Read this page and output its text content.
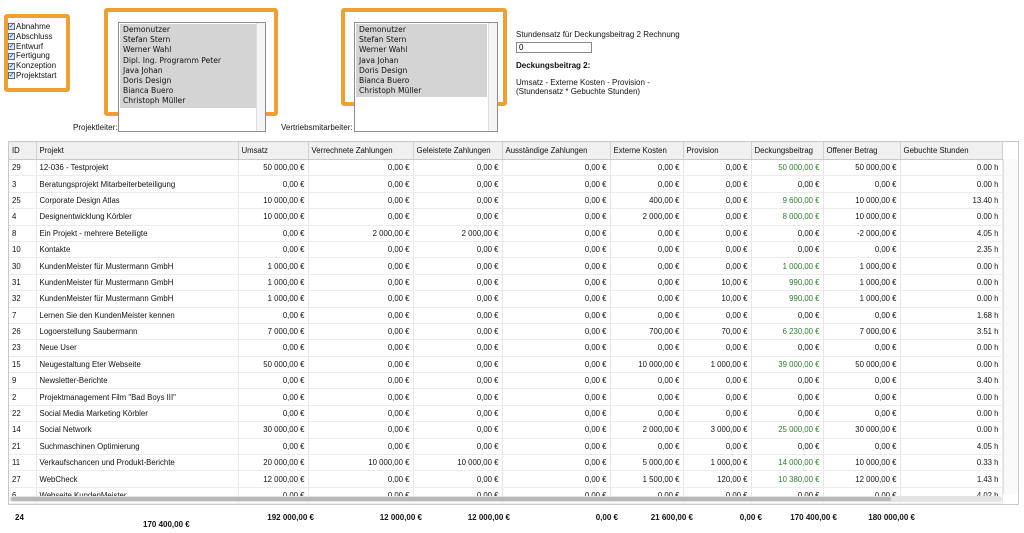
✓ Abnahme
✓ Abschluss
✓ Entwurf
✓ Fertigung
✓ Konzeption
✓ Projektstart
Demonutzer
Stefan Stern
Werner Wahl
Dipl. Ing. Programm Peter
Java Johan
Doris Design
Bianca Buero
Christoph Müller
Projektleiter:
Demonutzer
Stefan Stern
Werner Wahl
Java Johan
Doris Design
Bianca Buero
Christoph Müller
Vertriebsmitarbeiter:
Stundensatz für Deckungsbeitrag 2 Rechnung
0
Deckungsbeitrag 2:
Umsatz - Externe Kosten - Provision -
(Stundensatz * Gebuchte Stunden)
ID	Projekt	Umsatz	Verrechnete Zahlungen	Geleistete Zahlungen	Ausständige Zahlungen	Externe Kosten	Provision	Deckungsbeitrag	Offener Betrag	Gebuchte Stunden
29	12-036 - Testprojekt	50 000,00 €	0,00 €	0,00 €	0,00 €	0,00 €	0,00 €	50 000,00 €	50 000,00 €	0.00 h
3	Beratungsprojekt Mitarbeiterbeteiligung	0,00 €	0,00 €	0,00 €	0,00 €	0,00 €	0,00 €	0,00 €	0,00 €	0.00 h
25	Corporate Design Atlas	10 000,00 €	0,00 €	0,00 €	0,00 €	400,00 €	0,00 €	9 600,00 €	10 000,00 €	13.40 h
4	Designentwicklung Körbler	10 000,00 €	0,00 €	0,00 €	0,00 €	2 000,00 €	0,00 €	8 000,00 €	10 000,00 €	0.00 h
8	Ein Projekt - mehrere Beteiligte	0,00 €	2 000,00 €	2 000,00 €	0,00 €	0,00 €	0,00 €	0,00 €	-2 000,00 €	4.05 h
10	Kontakte	0,00 €	0,00 €	0,00 €	0,00 €	0,00 €	0,00 €	0,00 €	0,00 €	2.35 h
30	KundenMeister für Mustermann GmbH	1 000,00 €	0,00 €	0,00 €	0,00 €	0,00 €	0,00 €	1 000,00 €	1 000,00 €	0.00 h
31	KundenMeister für Mustermann GmbH	1 000,00 €	0,00 €	0,00 €	0,00 €	0,00 €	10,00 €	990,00 €	1 000,00 €	0.00 h
32	KundenMeister für Mustermann GmbH	1 000,00 €	0,00 €	0,00 €	0,00 €	0,00 €	10,00 €	990,00 €	1 000,00 €	0.00 h
7	Lernen Sie den KundenMeister kennen	0,00 €	0,00 €	0,00 €	0,00 €	0,00 €	0,00 €	0,00 €	0,00 €	1.68 h
26	Logoerstellung Saubermann	7 000,00 €	0,00 €	0,00 €	0,00 €	700,00 €	70,00 €	6 230,00 €	7 000,00 €	3.51 h
23	Neue User	0,00 €	0,00 €	0,00 €	0,00 €	0,00 €	0,00 €	0,00 €	0,00 €	0.00 h
15	Neugestaltung Eter Webseite	50 000,00 €	0,00 €	0,00 €	0,00 €	10 000,00 €	1 000,00 €	39 000,00 €	50 000,00 €	0.00 h
9	Newsletter-Berichte	0,00 €	0,00 €	0,00 €	0,00 €	0,00 €	0,00 €	0,00 €	0,00 €	3.40 h
2	Projektmanagement Film "Bad Boys III"	0,00 €	0,00 €	0,00 €	0,00 €	0,00 €	0,00 €	0,00 €	0,00 €	0.00 h
22	Social Media Marketing Körbler	0,00 €	0,00 €	0,00 €	0,00 €	0,00 €	0,00 €	0,00 €	0,00 €	0.00 h
14	Social Network	30 000,00 €	0,00 €	0,00 €	0,00 €	2 000,00 €	3 000,00 €	25 000,00 €	30 000,00 €	0.00 h
21	Suchmaschinen Optimierung	0,00 €	0,00 €	0,00 €	0,00 €	0,00 €	0,00 €	0,00 €	0,00 €	4.05 h
11	Verkaufschancen und Produkt-Berichte	20 000,00 €	10 000,00 €	10 000,00 €	0,00 €	5 000,00 €	1 000,00 €	14 000,00 €	10 000,00 €	0.33 h
27	WebCheck	12 000,00 €	0,00 €	0,00 €	0,00 €	1 500,00 €	120,00 €	10 380,00 €	12 000,00 €	1.43 h

24
170 400,00 €
192 000,00 €	12 000,00 €	12 000,00 €	0,00 €	21 600,00 €	0,00 €	170 400,00 €	180 000,00 €
